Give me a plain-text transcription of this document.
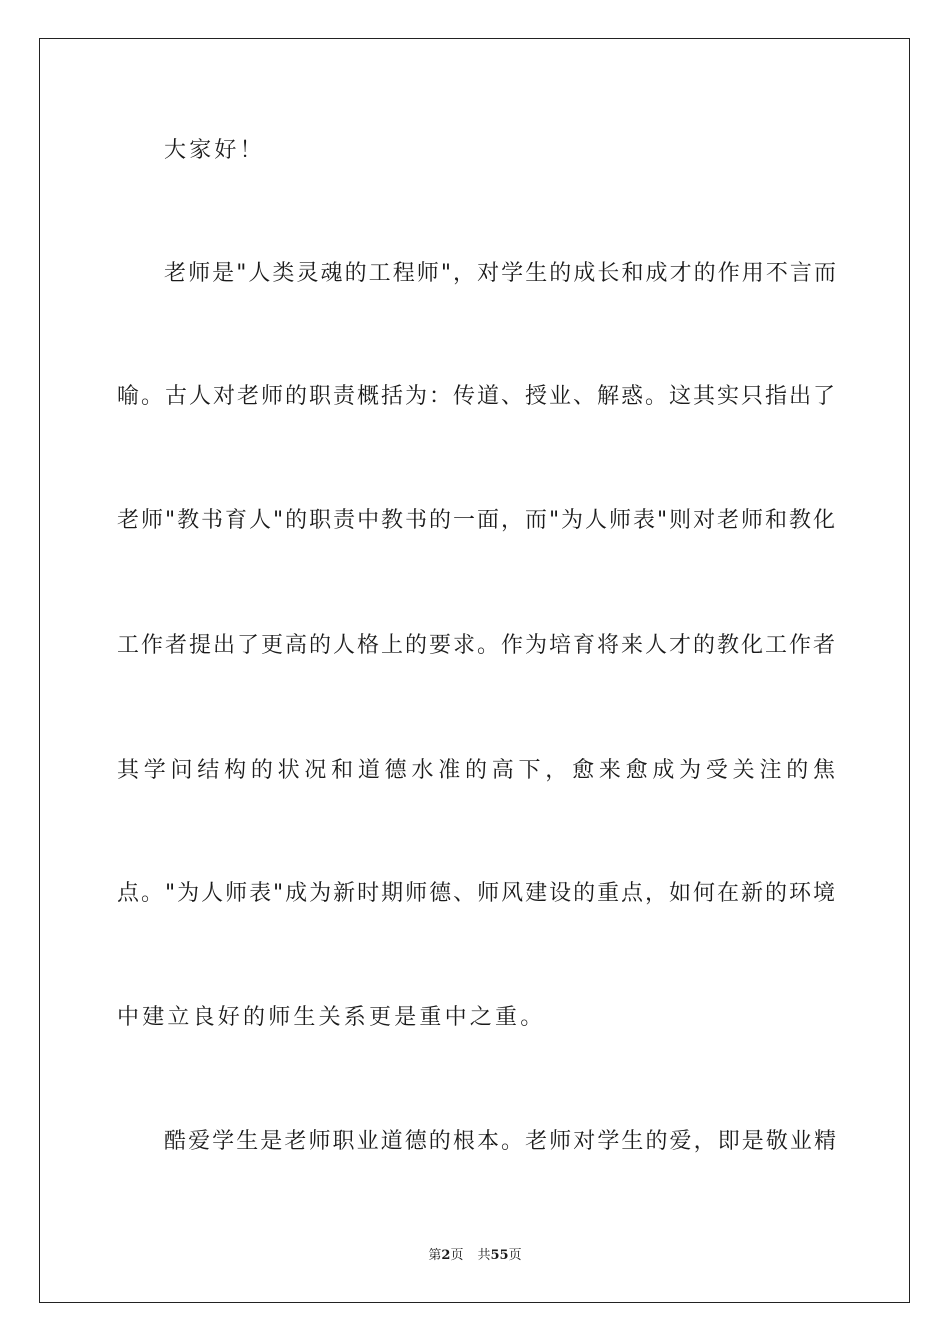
大家好！
老师是"人类灵魂的工程师"，对学生的成长和成才的作用不言而
喻。古人对老师的职责概括为：传道、授业、解惑。这其实只指出了
老师"教书育人"的职责中教书的一面，而"为人师表"则对老师和教化
工作者提出了更高的人格上的要求。作为培育将来人才的教化工作者
其学问结构的状况和道德水准的高下，愈来愈成为受关注的焦
点。"为人师表"成为新时期师德、师风建设的重点，如何在新的环境
中建立良好的师生关系更是重中之重。
酷爱学生是老师职业道德的根本。老师对学生的爱，即是敬业精
第2页 共55页
